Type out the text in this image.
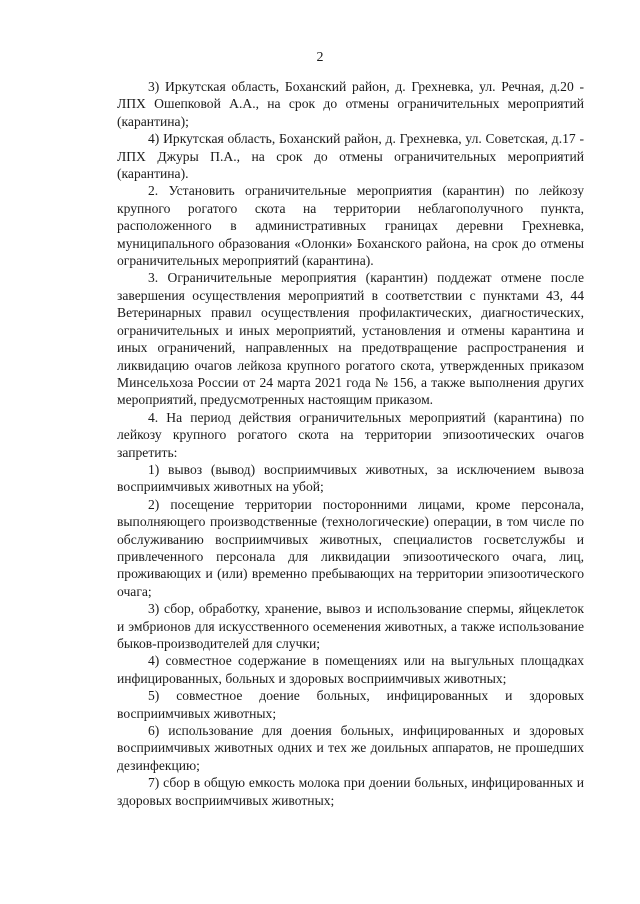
2

3) Иркутская область, Боханский район, д. Грехневка, ул. Речная, д.20 - ЛПХ Ошепковой А.А., на срок до отмены ограничительных мероприятий (карантина);

4) Иркутская область, Боханский район, д. Грехневка, ул. Советская, д.17 - ЛПХ Джуры П.А., на срок до отмены ограничительных мероприятий (карантина).

2. Установить ограничительные мероприятия (карантин) по лейкозу крупного рогатого скота на территории неблагополучного пункта, расположенного в административных границах деревни Грехневка, муниципального образования «Олонки» Боханского района, на срок до отмены ограничительных мероприятий (карантина).

3. Ограничительные мероприятия (карантин) поддежат отмене после завершения осуществления мероприятий в соответствии с пунктами 43, 44 Ветеринарных правил осуществления профилактических, диагностических, ограничительных и иных мероприятий, установления и отмены карантина и иных ограничений, направленных на предотвращение распространения и ликвидацию очагов лейкоза крупного рогатого скота, утвержденных приказом Минсельхоза России от 24 марта 2021 года № 156, а также выполнения других мероприятий, предусмотренных настоящим приказом.

4. На период действия ограничительных мероприятий (карантина) по лейкозу крупного рогатого скота на территории эпизоотических очагов запретить:

1) вывоз (вывод) восприимчивых животных, за исключением вывоза восприимчивых животных на убой;

2) посещение территории посторонними лицами, кроме персонала, выполняющего производственные (технологические) операции, в том числе по обслуживанию восприимчивых животных, специалистов госветслужбы и привлеченного персонала для ликвидации эпизоотического очага, лиц, проживающих и (или) временно пребывающих на территории эпизоотического очага;

3) сбор, обработку, хранение, вывоз и использование спермы, яйцеклеток и эмбрионов для искусственного осеменения животных, а также использование быков-производителей для случки;

4) совместное содержание в помещениях или на выгульных площадках инфицированных, больных и здоровых восприимчивых животных;

5) совместное доение больных, инфицированных и здоровых восприимчивых животных;

6) использование для доения больных, инфицированных и здоровых восприимчивых животных одних и тех же доильных аппаратов, не прошедших дезинфекцию;

7) сбор в общую емкость молока при доении больных, инфицированных и здоровых восприимчивых животных;
